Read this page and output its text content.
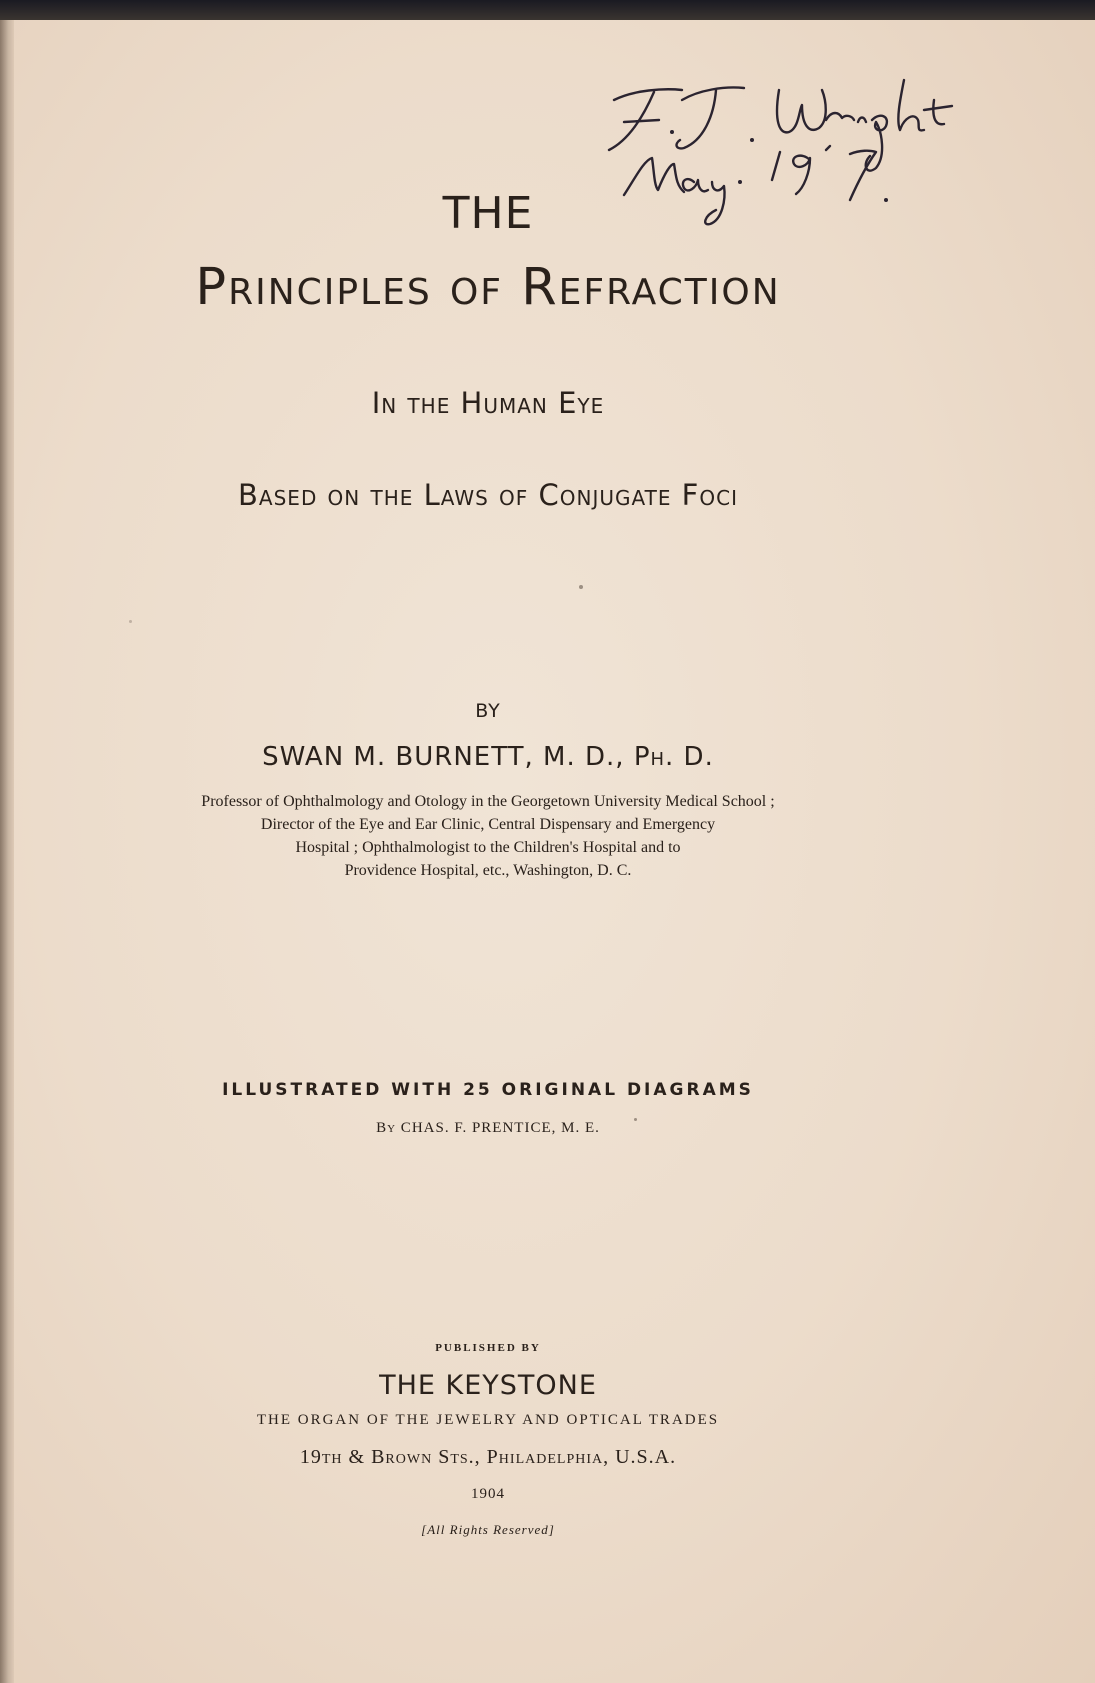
THE
Principles of Refraction
In the Human Eye
Based on the Laws of Conjugate Foci
BY
SWAN M. BURNETT, M. D., Ph. D.
Professor of Ophthalmology and Otology in the Georgetown University Medical School ;
Director of the Eye and Ear Clinic, Central Dispensary and Emergency
Hospital ; Ophthalmologist to the Children's Hospital and to
Providence Hospital, etc., Washington, D. C.
ILLUSTRATED WITH 25 ORIGINAL DIAGRAMS
By CHAS. F. PRENTICE, M. E.
PUBLISHED BY
THE KEYSTONE
THE ORGAN OF THE JEWELRY AND OPTICAL TRADES
19th & Brown Sts., Philadelphia, U.S.A.
1904
[All Rights Reserved]
